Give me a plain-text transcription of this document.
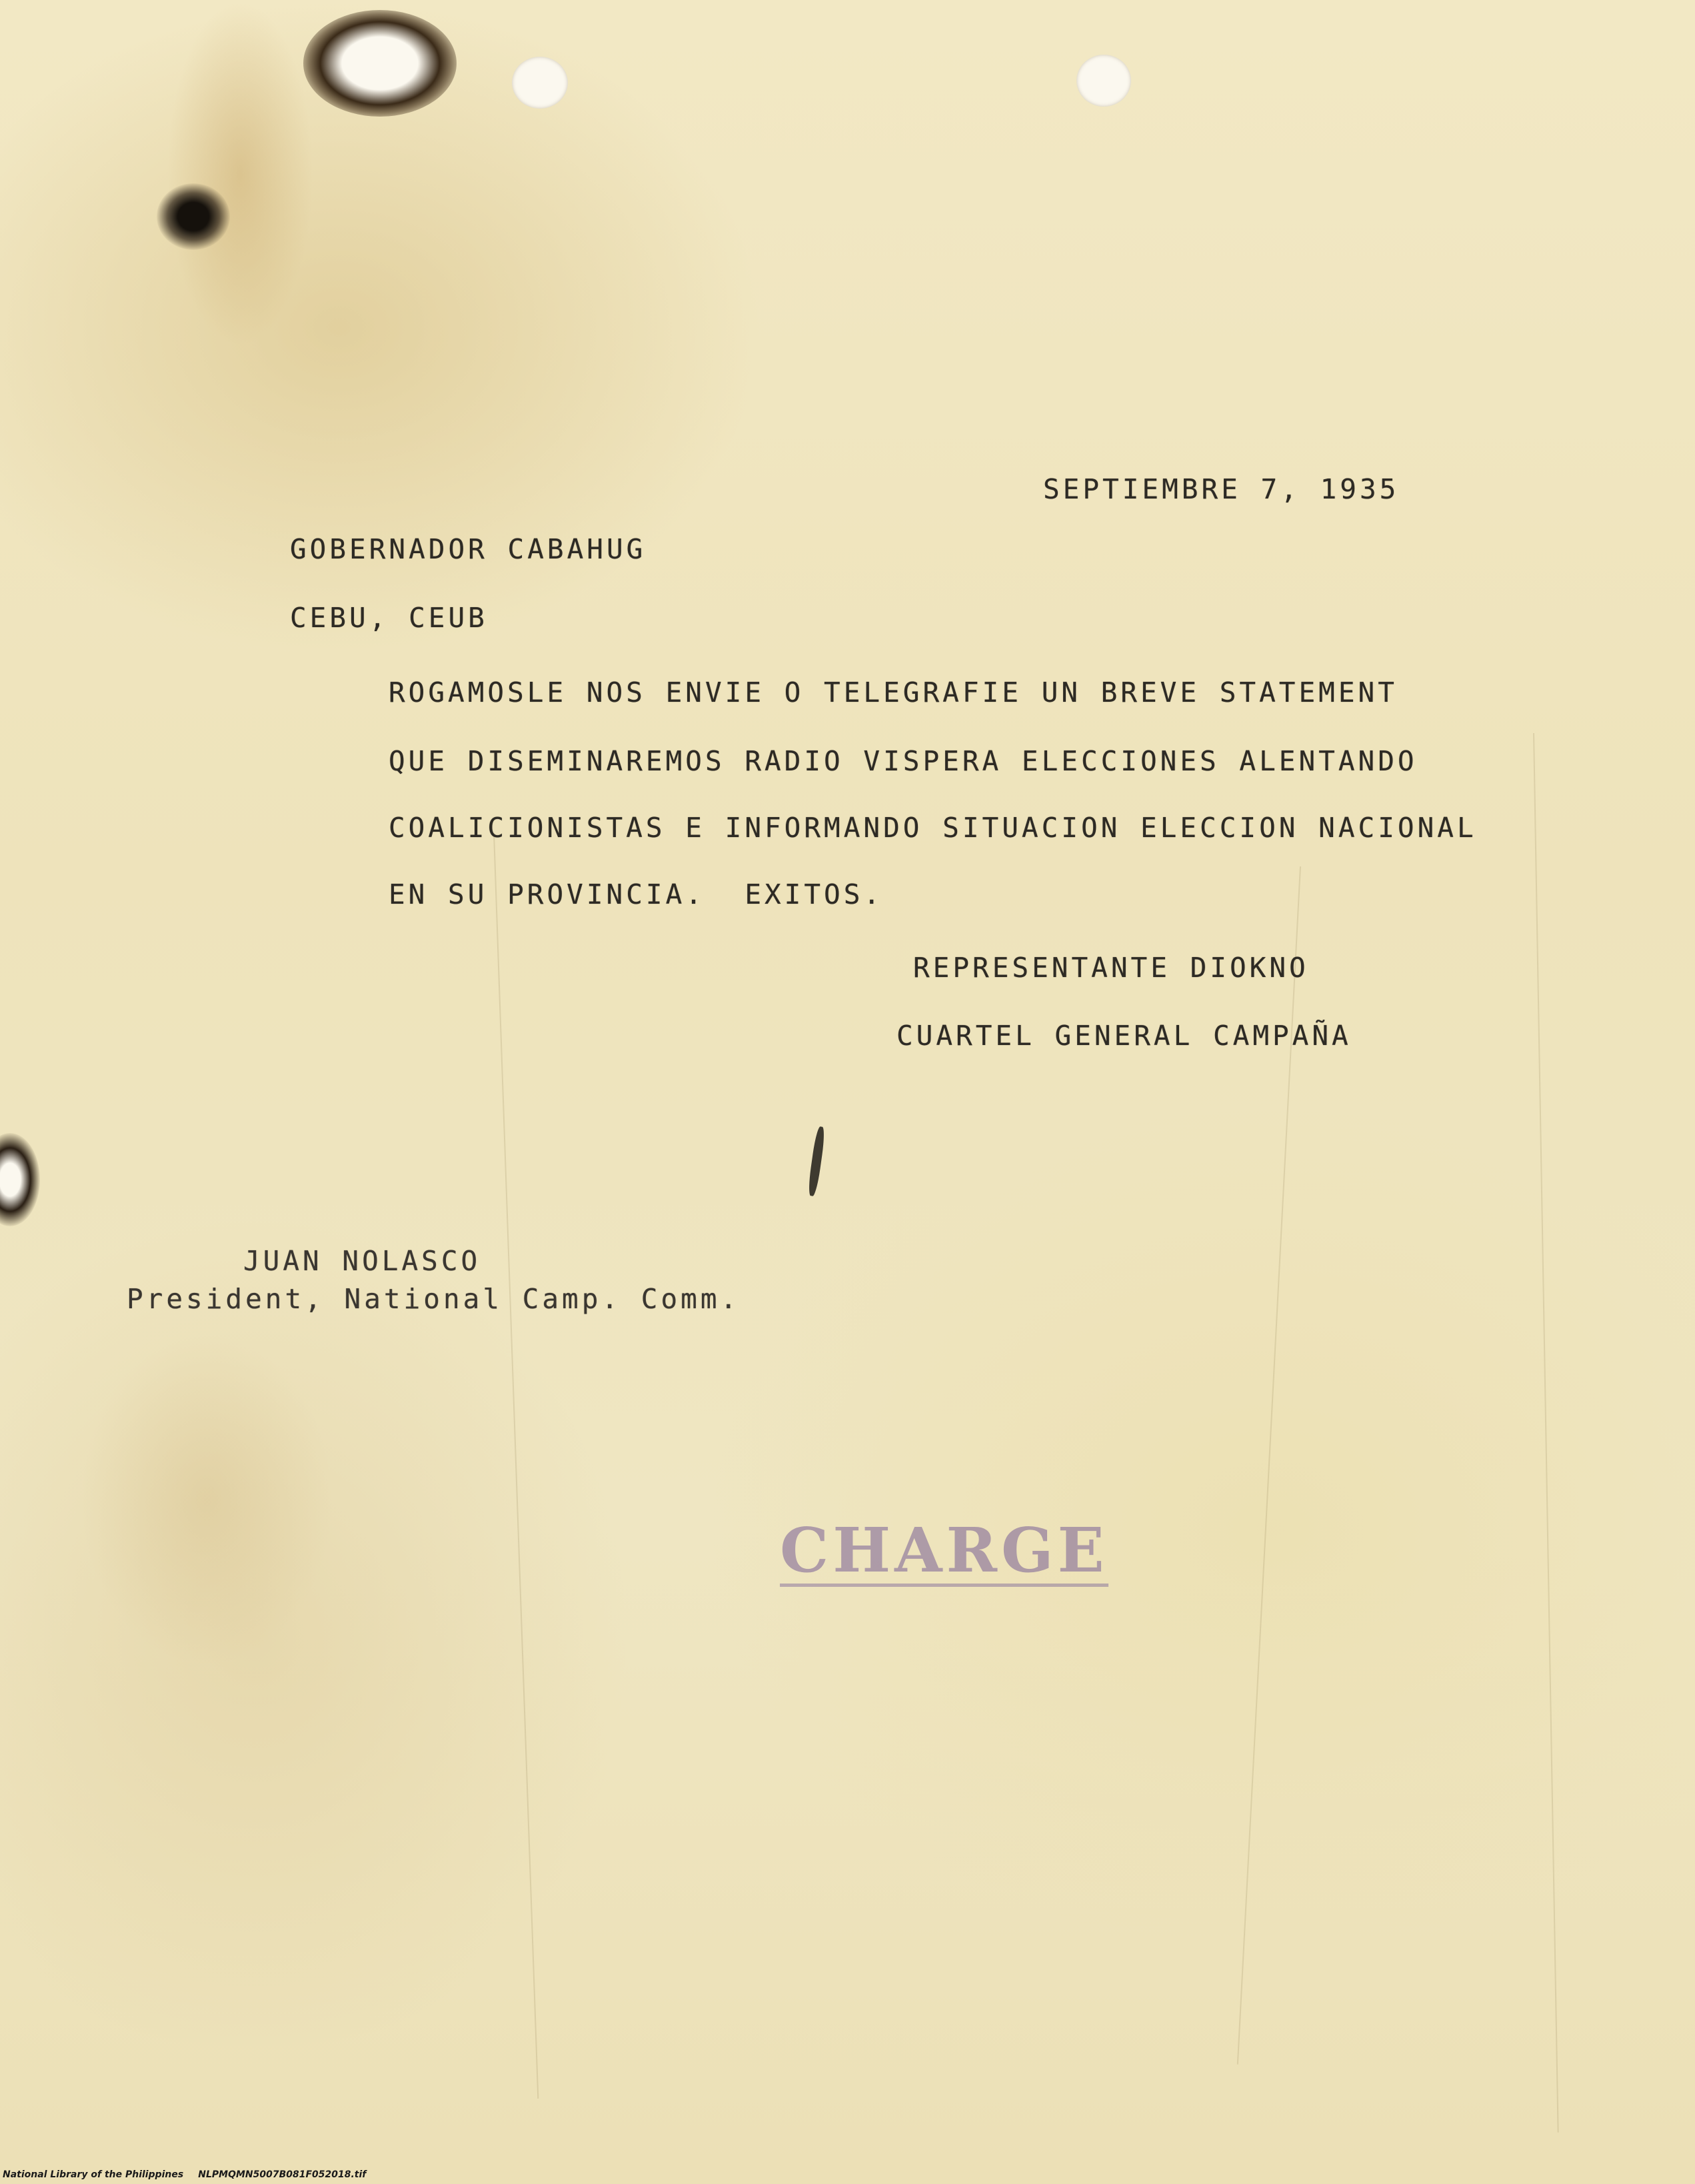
SEPTIEMBRE 7, 1935
GOBERNADOR CABAHUG
CEBU, CEUB
ROGAMOSLE NOS ENVIE O TELEGRAFIE UN BREVE STATEMENT
QUE DISEMINAREMOS RADIO VISPERA ELECCIONES ALENTANDO
COALICIONISTAS E INFORMANDO SITUACION ELECCION NACIONAL
EN SU PROVINCIA.  EXITOS.
REPRESENTANTE DIOKNO
CUARTEL GENERAL CAMPAÑA
JUAN NOLASCO
President, National Camp. Comm.
CHARGE
National Library of the Philippines NLPMQMN5007B081F052018.tif
